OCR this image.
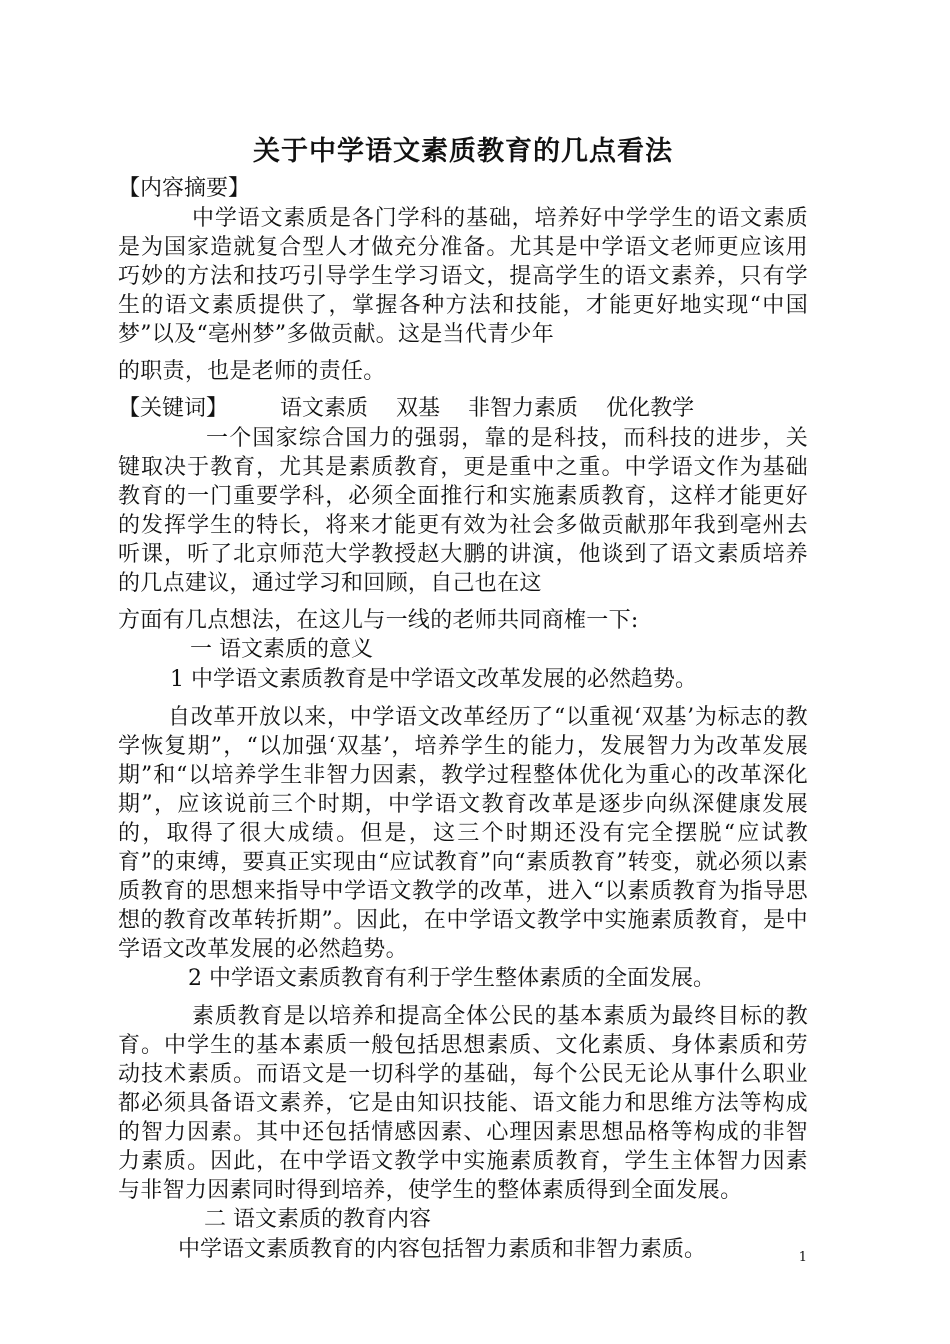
关于中学语文素质教育的几点看法
【内容摘要】

中学语文素质是各门学科的基础，培养好中学学生的语文素质是为国家造就复合型人才做充分准备。尤其是中学语文老师更应该用巧妙的方法和技巧引导学生学习语文，提高学生的语文素养，只有学生的语文素质提供了，掌握各种方法和技能，才能更好地实现“中国梦”以及“亳州梦”多做贡献。这是当代青少年

的职责，也是老师的责任。

【关键词】 语文素质 双基 非智力素质 优化教学

一个国家综合国力的强弱，靠的是科技，而科技的进步，关键取决于教育，尤其是素质教育，更是重中之重。中学语文作为基础教育的一门重要学科，必须全面推行和实施素质教育，这样才能更好的发挥学生的特长，将来才能更有效为社会多做贡献那年我到亳州去听课，听了北京师范大学教授赵大鹏的讲演，他谈到了语文素质培养的几点建议，通过学习和回顾，自己也在这

方面有几点想法，在这儿与一线的老师共同商榷一下:

一 语文素质的意义

1 中学语文素质教育是中学语文改革发展的必然趋势。

自改革开放以来，中学语文改革经历了“以重视‘双基’为标志的教学恢复期”，“以加强‘双基’，培养学生的能力，发展智力为改革发展期”和“以培养学生非智力因素，教学过程整体优化为重心的改革深化期”，应该说前三个时期，中学语文教育改革是逐步向纵深健康发展的，取得了很大成绩。但是，这三个时期还没有完全摆脱“应试教育”的束缚，要真正实现由“应试教育”向“素质教育”转变，就必须以素质教育的思想来指导中学语文教学的改革，进入“以素质教育为指导思想的教育改革转折期”。因此，在中学语文教学中实施素质教育，是中学语文改革发展的必然趋势。

2 中学语文素质教育有利于学生整体素质的全面发展。

素质教育是以培养和提高全体公民的基本素质为最终目标的教育。中学生的基本素质一般包括思想素质、文化素质、身体素质和劳动技术素质。而语文是一切科学的基础，每个公民无论从事什么职业都必须具备语文素养，它是由知识技能、语文能力和思维方法等构成的智力因素。其中还包括情感因素、心理因素思想品格等构成的非智力素质。因此，在中学语文教学中实施素质教育，学生主体智力因素与非智力因素同时得到培养，使学生的整体素质得到全面发展。

二 语文素质的教育内容

中学语文素质教育的内容包括智力素质和非智力素质。	1
